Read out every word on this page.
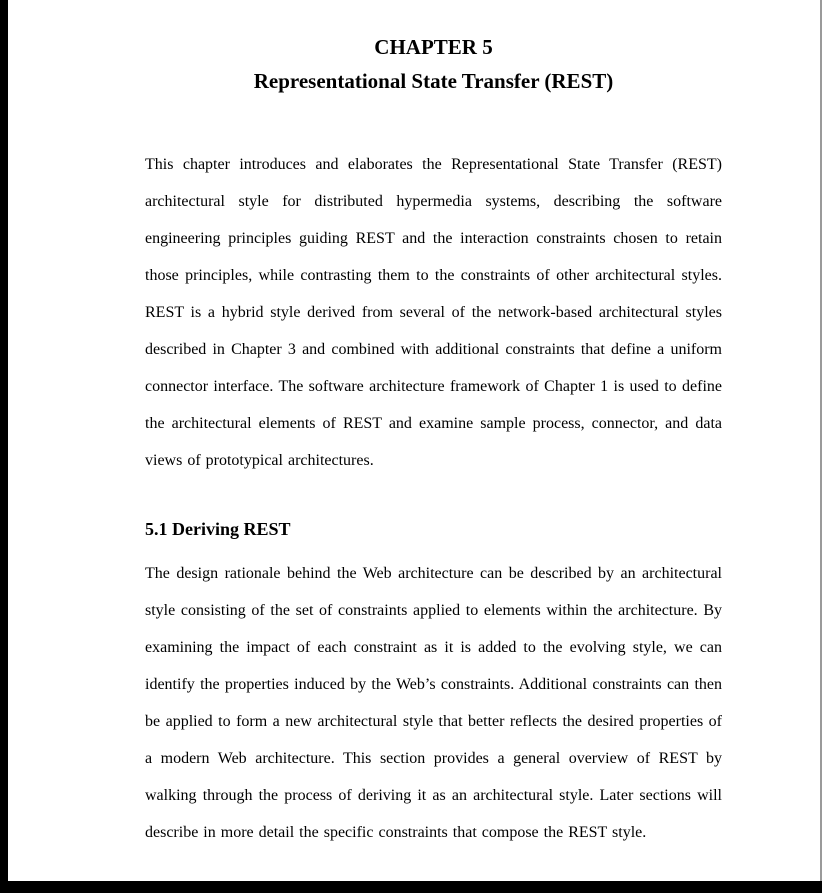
CHAPTER 5
Representational State Transfer (REST)

This chapter introduces and elaborates the Representational State Transfer (REST) architectural style for distributed hypermedia systems, describing the software engineering principles guiding REST and the interaction constraints chosen to retain those principles, while contrasting them to the constraints of other architectural styles. REST is a hybrid style derived from several of the network-based architectural styles described in Chapter 3 and combined with additional constraints that define a uniform connector interface. The software architecture framework of Chapter 1 is used to define the architectural elements of REST and examine sample process, connector, and data views of prototypical architectures.

5.1 Deriving REST

The design rationale behind the Web architecture can be described by an architectural style consisting of the set of constraints applied to elements within the architecture. By examining the impact of each constraint as it is added to the evolving style, we can identify the properties induced by the Web’s constraints. Additional constraints can then be applied to form a new architectural style that better reflects the desired properties of a modern Web architecture. This section provides a general overview of REST by walking through the process of deriving it as an architectural style. Later sections will describe in more detail the specific constraints that compose the REST style.
